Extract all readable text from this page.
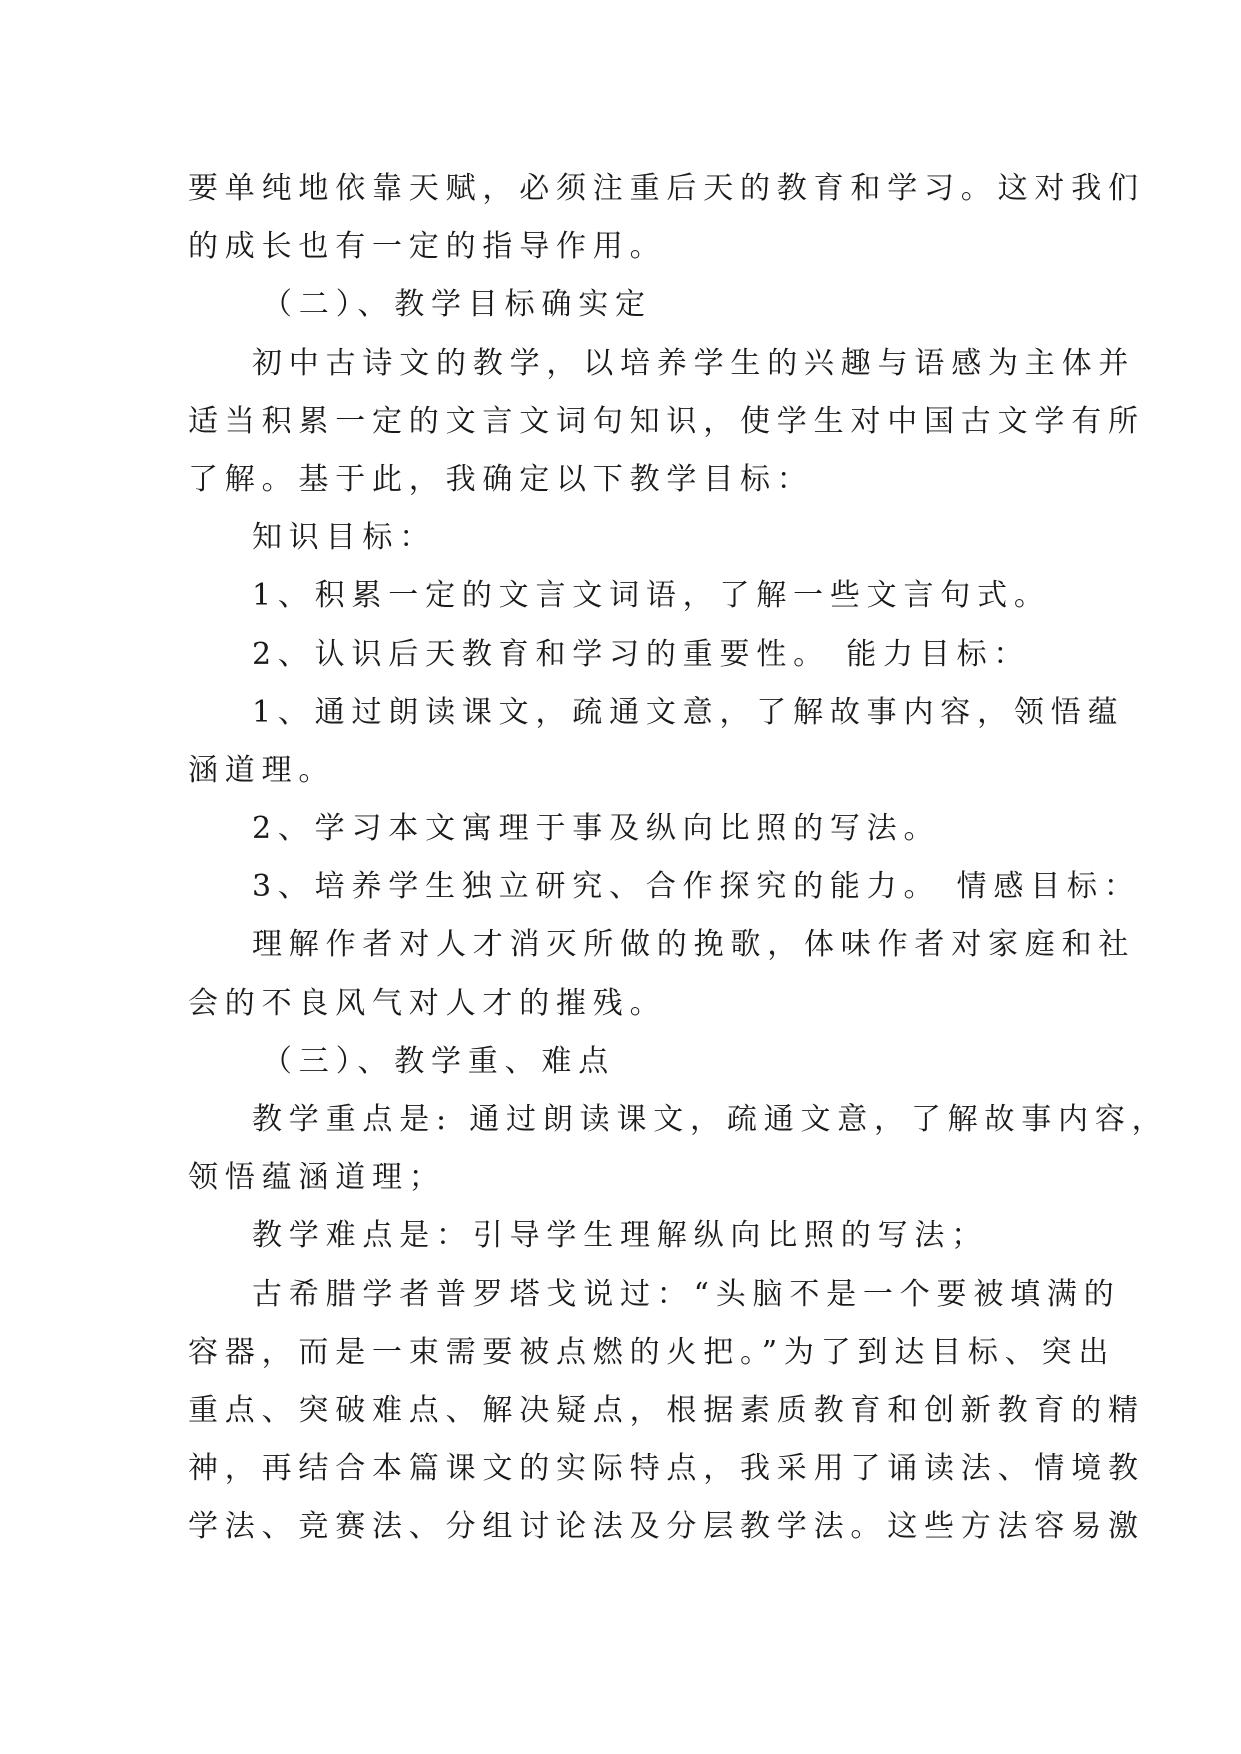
要单纯地依靠天赋，必须注重后天的教育和学习。这对我们
的成长也有一定的指导作用。
（二）、教学目标确实定
初中古诗文的教学，以培养学生的兴趣与语感为主体并
适当积累一定的文言文词句知识，使学生对中国古文学有所
了解。基于此，我确定以下教学目标：
知识目标：
1、积累一定的文言文词语，了解一些文言句式。
2、认识后天教育和学习的重要性。 能力目标：
1、通过朗读课文，疏通文意，了解故事内容，领悟蕴
涵道理。
2、学习本文寓理于事及纵向比照的写法。
3、培养学生独立研究、合作探究的能力。 情感目标：
理解作者对人才消灭所做的挽歌，体味作者对家庭和社
会的不良风气对人才的摧残。
（三）、教学重、难点
教学重点是: 通过朗读课文，疏通文意，了解故事内容，
领悟蕴涵道理；
教学难点是：引导学生理解纵向比照的写法；
古希腊学者普罗塔戈说过：“头脑不是一个要被填满的
容器，而是一束需要被点燃的火把。”为了到达目标、突出
重点、突破难点、解决疑点，根据素质教育和创新教育的精
神，再结合本篇课文的实际特点，我采用了诵读法、情境教
学法、竞赛法、分组讨论法及分层教学法。这些方法容易激
